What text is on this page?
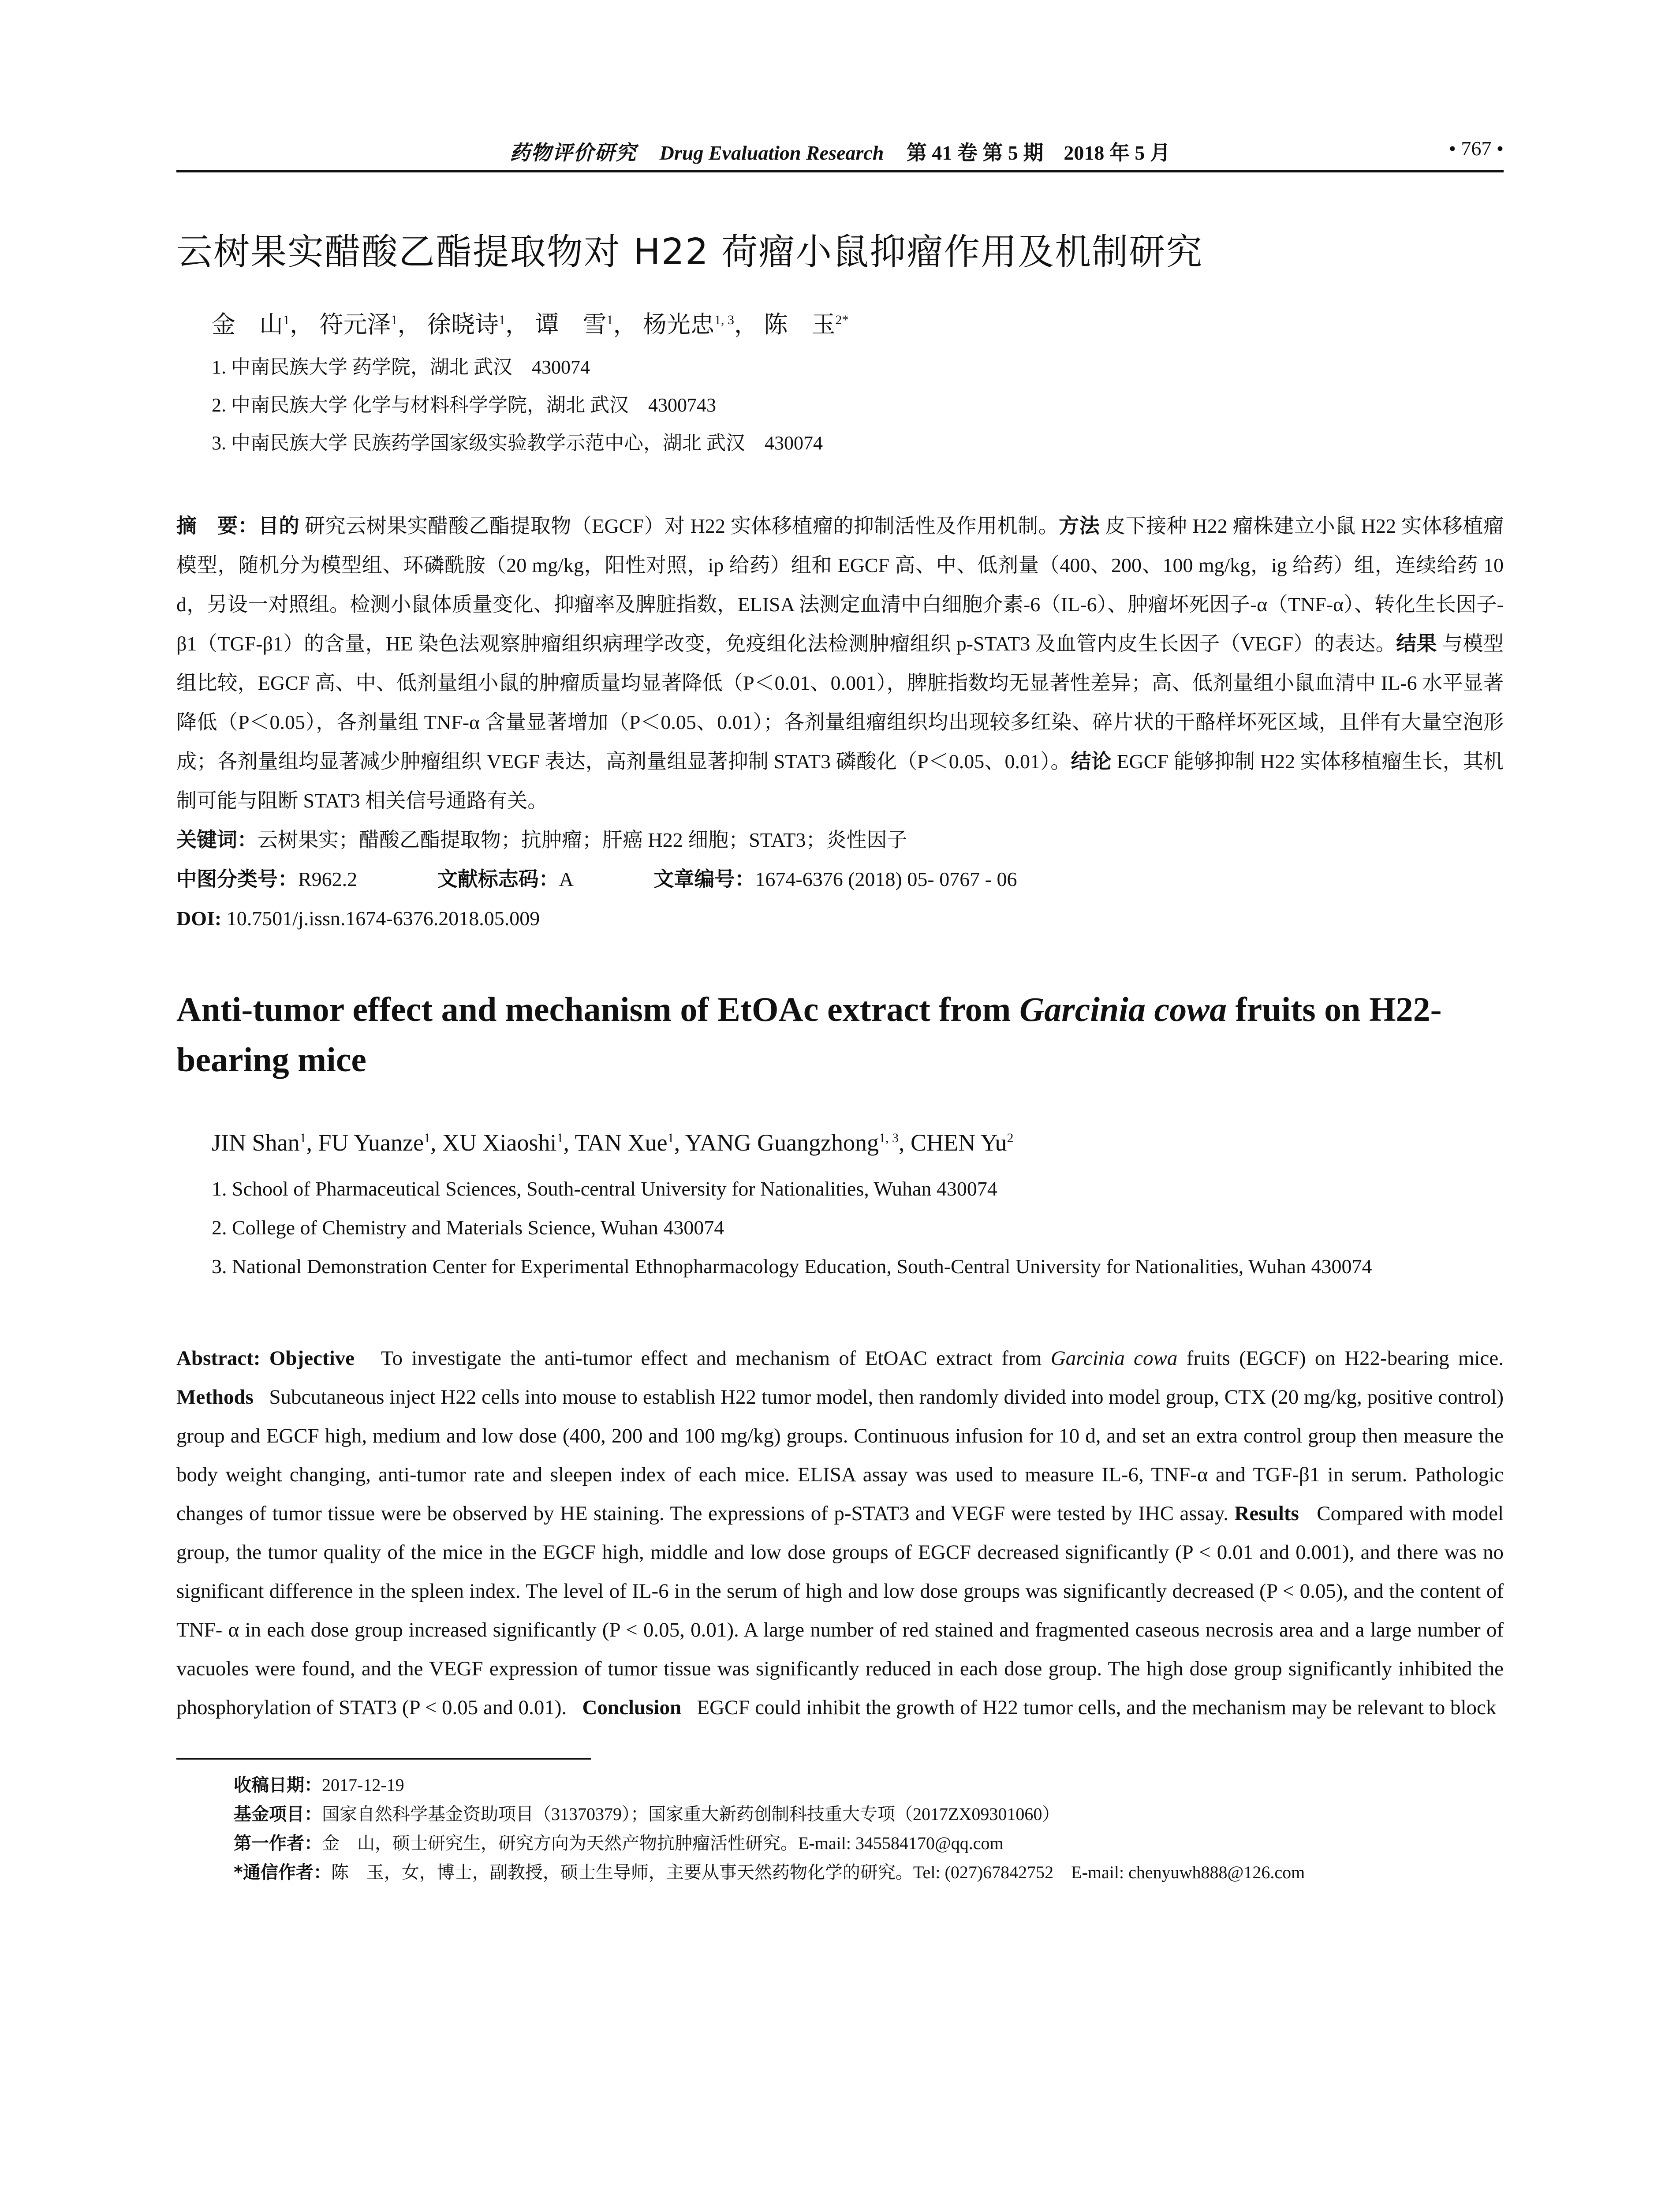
药物评价研究 Drug Evaluation Research 第 41 卷 第 5 期　2018 年 5 月	• 767 •
云树果实醋酸乙酯提取物对 H22 荷瘤小鼠抑瘤作用及机制研究
金　山$^1$， 符元泽$^1$， 徐晓诗$^1$， 谭　雪$^1$， 杨光忠$^{1, 3}$， 陈　玉$^{2*}$
1. 中南民族大学 药学院，湖北 武汉　430074
2. 中南民族大学 化学与材料科学学院，湖北 武汉　4300743
3. 中南民族大学 民族药学国家级实验教学示范中心，湖北 武汉　430074
摘　要：目的 研究云树果实醋酸乙酯提取物（EGCF）对 H22 实体移植瘤的抑制活性及作用机制。方法 皮下接种 H22 瘤株建立小鼠 H22 实体移植瘤模型，随机分为模型组、环磷酰胺（20 mg/kg，阳性对照，ip 给药）组和 EGCF 高、中、低剂量（400、200、100 mg/kg，ig 给药）组，连续给药 10 d，另设一对照组。检测小鼠体质量变化、抑瘤率及脾脏指数，ELISA 法测定血清中白细胞介素-6（IL-6）、肿瘤坏死因子-α（TNF-α）、转化生长因子-β1（TGF-β1）的含量，HE 染色法观察肿瘤组织病理学改变，免疫组化法检测肿瘤组织 p-STAT3 及血管内皮生长因子（VEGF）的表达。结果 与模型组比较，EGCF 高、中、低剂量组小鼠的肿瘤质量均显著降低（P＜0.01、0.001），脾脏指数均无显著性差异；高、低剂量组小鼠血清中 IL-6 水平显著降低（P＜0.05），各剂量组 TNF-α 含量显著增加（P＜0.05、0.01）；各剂量组瘤组织均出现较多红染、碎片状的干酪样坏死区域，且伴有大量空泡形成；各剂量组均显著减少肿瘤组织 VEGF 表达，高剂量组显著抑制 STAT3 磷酸化（P＜0.05、0.01）。结论 EGCF 能够抑制 H22 实体移植瘤生长，其机制可能与阻断 STAT3 相关信号通路有关。
关键词：云树果实；醋酸乙酯提取物；抗肿瘤；肝癌 H22 细胞；STAT3；炎性因子
中图分类号：R962.2	文献标志码：A	文章编号：1674-6376 (2018) 05- 0767 - 06
DOI: 10.7501/j.issn.1674-6376.2018.05.009
Anti-tumor effect and mechanism of EtOAc extract from Garcinia cowa fruits on H22-bearing mice
JIN Shan$^1$, FU Yuanze$^1$, XU Xiaoshi$^1$, TAN Xue$^1$, YANG Guangzhong$^{1, 3}$, CHEN Yu$^2$
1. School of Pharmaceutical Sciences, South-central University for Nationalities, Wuhan 430074
2. College of Chemistry and Materials Science, Wuhan 430074
3. National Demonstration Center for Experimental Ethnopharmacology Education, South-Central University for Nationalities, Wuhan 430074
Abstract: Objective To investigate the anti-tumor effect and mechanism of EtOAC extract from Garcinia cowa fruits (EGCF) on H22-bearing mice. Methods Subcutaneous inject H22 cells into mouse to establish H22 tumor model, then randomly divided into model group, CTX (20 mg/kg, positive control) group and EGCF high, medium and low dose (400, 200 and 100 mg/kg) groups. Continuous infusion for 10 d, and set an extra control group then measure the body weight changing, anti-tumor rate and sleepen index of each mice. ELISA assay was used to measure IL-6, TNF-α and TGF-β1 in serum. Pathologic changes of tumor tissue were be observed by HE staining. The expressions of p-STAT3 and VEGF were tested by IHC assay. Results Compared with model group, the tumor quality of the mice in the EGCF high, middle and low dose groups of EGCF decreased significantly (P < 0.01 and 0.001), and there was no significant difference in the spleen index. The level of IL-6 in the serum of high and low dose groups was significantly decreased (P < 0.05), and the content of TNF- α in each dose group increased significantly (P < 0.05, 0.01). A large number of red stained and fragmented caseous necrosis area and a large number of vacuoles were found, and the VEGF expression of tumor tissue was significantly reduced in each dose group. The high dose group significantly inhibited the phosphorylation of STAT3 (P < 0.05 and 0.01). Conclusion EGCF could inhibit the growth of H22 tumor cells, and the mechanism may be relevant to block
收稿日期：2017-12-19
基金项目：国家自然科学基金资助项目（31370379）；国家重大新药创制科技重大专项（2017ZX09301060）
第一作者：金　山，硕士研究生，研究方向为天然产物抗肿瘤活性研究。E-mail: 345584170@qq.com
*通信作者：陈　玉，女，博士，副教授，硕士生导师，主要从事天然药物化学的研究。Tel: (027)67842752　E-mail: chenyuwh888@126.com
